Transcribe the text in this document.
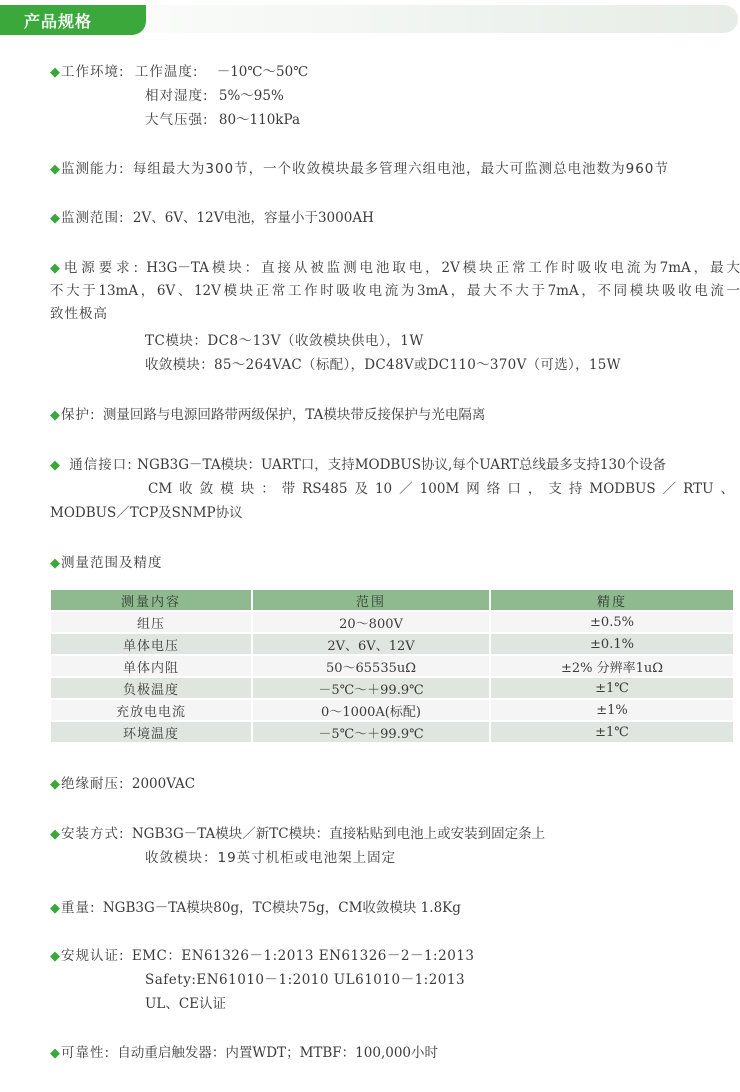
产品规格
◆工作环境: 工作温度: －10℃～50℃
相对湿度: 5%～95%
大气压强: 80～110kPa
◆监测能力: 每组最大为300节，一个收敛模块最多管理六组电池，最大可监测总电池数为960节
◆监测范围: 2V、6V、12V电池，容量小于3000AH
◆电源要求: H3G－TA模块：直接从被监测电池取电，2V模块正常工作时吸收电流为7mA，最大
不大于13mA，6V、12V模块正常工作时吸收电流为3mA，最大不大于7mA，不同模块吸收电流一
致性极高
TC模块：DC8～13V（收敛模块供电），1W
收敛模块：85～264VAC（标配），DC48V或DC110～370V（可选），15W
◆保护: 测量回路与电源回路带两级保护，TA模块带反接保护与光电隔离
◆ 通信接口: NGB3G－TA模块：UART口，支持MODBUS协议,每个UART总线最多支持130个设备
CM收敛模块：带RS485及10／100M网络口，支持MODBUS／RTU、
MODBUS／TCP及SNMP协议
◆测量范围及精度
测量内容	范围	精度
组压	20～800V	±0.5%
单体电压	2V、6V、12V	±0.1%
单体内阻	50～65535uΩ	±2% 分辨率1uΩ
负极温度	－5℃～＋99.9℃	±1℃
充放电电流	0～1000A(标配)	±1%
环境温度	－5℃～＋99.9℃	±1℃
◆绝缘耐压: 2000VAC
◆安装方式: NGB3G－TA模块／新TC模块：直接粘贴到电池上或安装到固定条上
收敛模块：19英寸机柜或电池架上固定
◆重量: NGB3G－TA模块80g，TC模块75g，CM收敛模块 1.8Kg
◆安规认证: EMC：EN61326－1:2013 EN61326－2－1:2013
Safety:EN61010－1:2010 UL61010－1:2013
UL、CE认证
◆可靠性: 自动重启触发器：内置WDT；MTBF：100,000小时
